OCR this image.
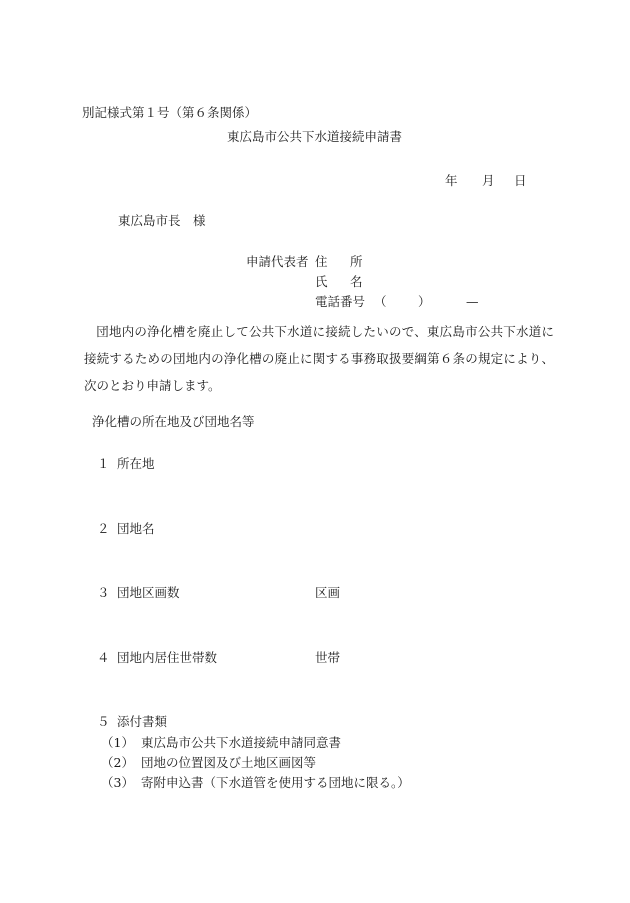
別記様式第１号（第６条関係）
東広島市公共下水道接続申請書
年 月 日
東広島市長　様
申請代表者 住 所
氏 名
電話番号 （	）	—
団地内の浄化槽を廃止して公共下水道に接続したいので、東広島市公共下水道に接続するための団地内の浄化槽の廃止に関する事務取扱要綱第６条の規定により、次のとおり申請します。
浄化槽の所在地及び団地名等
１ 所在地
２ 団地名
３ 団地区画数	区画
４ 団地内居住世帯数	世帯
５ 添付書類
（1） 東広島市公共下水道接続申請同意書
（2） 団地の位置図及び土地区画図等
（3） 寄附申込書（下水道管を使用する団地に限る。）
